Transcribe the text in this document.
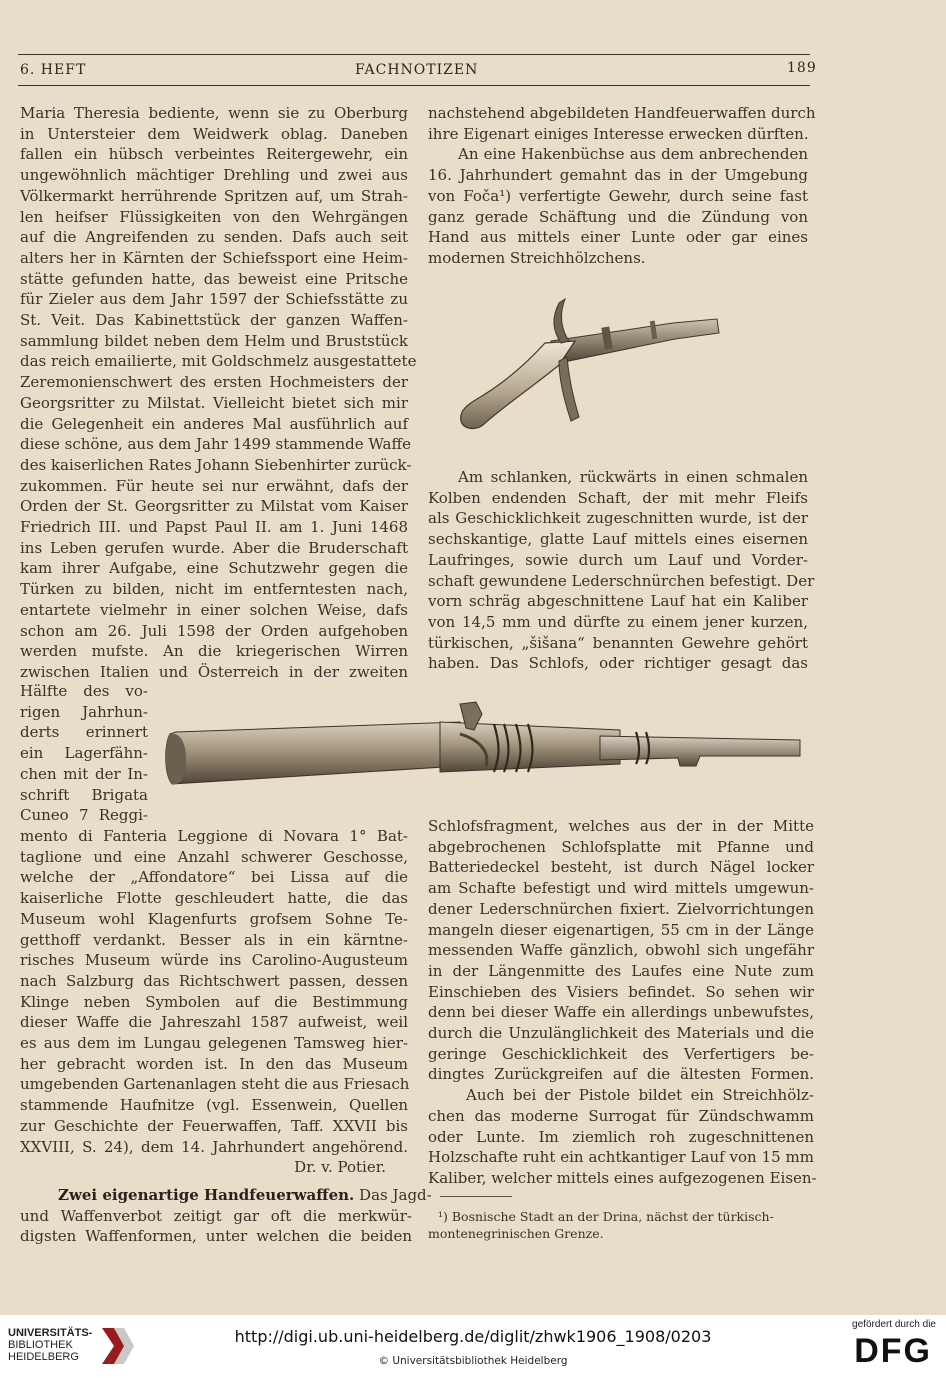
6. HEFT	FACHNOTIZEN	189

Maria Theresia bediente, wenn sie zu Oberburg

in Untersteier dem Weidwerk oblag. Daneben

fallen ein hübsch verbeintes Reitergewehr, ein

ungewöhnlich mächtiger Drehling und zwei aus

Völkermarkt herrührende Spritzen auf, um Strah-

len heifser Flüssigkeiten von den Wehrgängen

auf die Angreifenden zu senden. Dafs auch seit

alters her in Kärnten der Schiefssport eine Heim-

stätte gefunden hatte, das beweist eine Pritsche

für Zieler aus dem Jahr 1597 der Schiefsstätte zu

St. Veit. Das Kabinettstück der ganzen Waffen-

sammlung bildet neben dem Helm und Bruststück

das reich emailierte, mit Goldschmelz ausgestattete

Zeremonienschwert des ersten Hochmeisters der

Georgsritter zu Milstat. Vielleicht bietet sich mir

die Gelegenheit ein anderes Mal ausführlich auf

diese schöne, aus dem Jahr 1499 stammende Waffe

des kaiserlichen Rates Johann Siebenhirter zurück-

zukommen. Für heute sei nur erwähnt, dafs der

Orden der St. Georgsritter zu Milstat vom Kaiser

Friedrich III. und Papst Paul II. am 1. Juni 1468

ins Leben gerufen wurde. Aber die Bruderschaft

kam ihrer Aufgabe, eine Schutzwehr gegen die

Türken zu bilden, nicht im entferntesten nach,

entartete vielmehr in einer solchen Weise, dafs

schon am 26. Juli 1598 der Orden aufgehoben

werden mufste. An die kriegerischen Wirren

zwischen Italien und Österreich in der zweiten

Hälfte des vo-

rigen Jahrhun-

derts erinnert

ein Lagerfähn-

chen mit der In-

schrift Brigata

Cuneo 7 Reggi-

mento di Fanteria Leggione di Novara 1° Bat-

taglione und eine Anzahl schwerer Geschosse,

welche der „Affondatore“ bei Lissa auf die

kaiserliche Flotte geschleudert hatte, die das

Museum wohl Klagenfurts grofsem Sohne Te-

getthoff verdankt. Besser als in ein kärntne-

risches Museum würde ins Carolino-Augusteum

nach Salzburg das Richtschwert passen, dessen

Klinge neben Symbolen auf die Bestimmung

dieser Waffe die Jahreszahl 1587 aufweist, weil

es aus dem im Lungau gelegenen Tamsweg hier-

her gebracht worden ist. In den das Museum

umgebenden Gartenanlagen steht die aus Friesach

stammende Haufnitze (vgl. Essenwein, Quellen

zur Geschichte der Feuerwaffen, Taff. XXVII bis

XXVIII, S. 24), dem 14. Jahrhundert angehörend.

Dr. v. Potier.

Zwei eigenartige Handfeuerwaffen. Das Jagd-

und Waffenverbot zeitigt gar oft die merkwür-

digsten Waffenformen, unter welchen die beiden

nachstehend abgebildeten Handfeuerwaffen durch

ihre Eigenart einiges Interesse erwecken dürften.

An eine Hakenbüchse aus dem anbrechenden

16. Jahrhundert gemahnt das in der Umgebung

von Foča¹) verfertigte Gewehr, durch seine fast

ganz gerade Schäftung und die Zündung von

Hand aus mittels einer Lunte oder gar eines

modernen Streichhölzchens.

Am schlanken, rückwärts in einen schmalen

Kolben endenden Schaft, der mit mehr Fleifs

als Geschicklichkeit zugeschnitten wurde, ist der

sechskantige, glatte Lauf mittels eines eisernen

Laufringes, sowie durch um Lauf und Vorder-

schaft gewundene Lederschnürchen befestigt. Der

vorn schräg abgeschnittene Lauf hat ein Kaliber

von 14,5 mm und dürfte zu einem jener kurzen,

türkischen, „šišana“ benannten Gewehre gehört

haben. Das Schlofs, oder richtiger gesagt das

Schlofsfragment, welches aus der in der Mitte

abgebrochenen Schlofsplatte mit Pfanne und

Batteriedeckel besteht, ist durch Nägel locker

am Schafte befestigt und wird mittels umgewun-

dener Lederschnürchen fixiert. Zielvorrichtungen

mangeln dieser eigenartigen, 55 cm in der Länge

messenden Waffe gänzlich, obwohl sich ungefähr

in der Längenmitte des Laufes eine Nute zum

Einschieben des Visiers befindet. So sehen wir

denn bei dieser Waffe ein allerdings unbewufstes,

durch die Unzulänglichkeit des Materials und die

geringe Geschicklichkeit des Verfertigers be-

dingtes Zurückgreifen auf die ältesten Formen.

Auch bei der Pistole bildet ein Streichhölz-

chen das moderne Surrogat für Zündschwamm

oder Lunte. Im ziemlich roh zugeschnittenen

Holzschafte ruht ein achtkantiger Lauf von 15 mm

Kaliber, welcher mittels eines aufgezogenen Eisen-

¹) Bosnische Stadt an der Drina, nächst der türkisch-

montenegrinischen Grenze.

UNIVERSITÄTS-
BIBLIOTHEK
HEIDELBERG
http://digi.ub.uni-heidelberg.de/diglit/zhwk1906_1908/0203
© Universitätsbibliothek Heidelberg
gefördert durch die
DFG
